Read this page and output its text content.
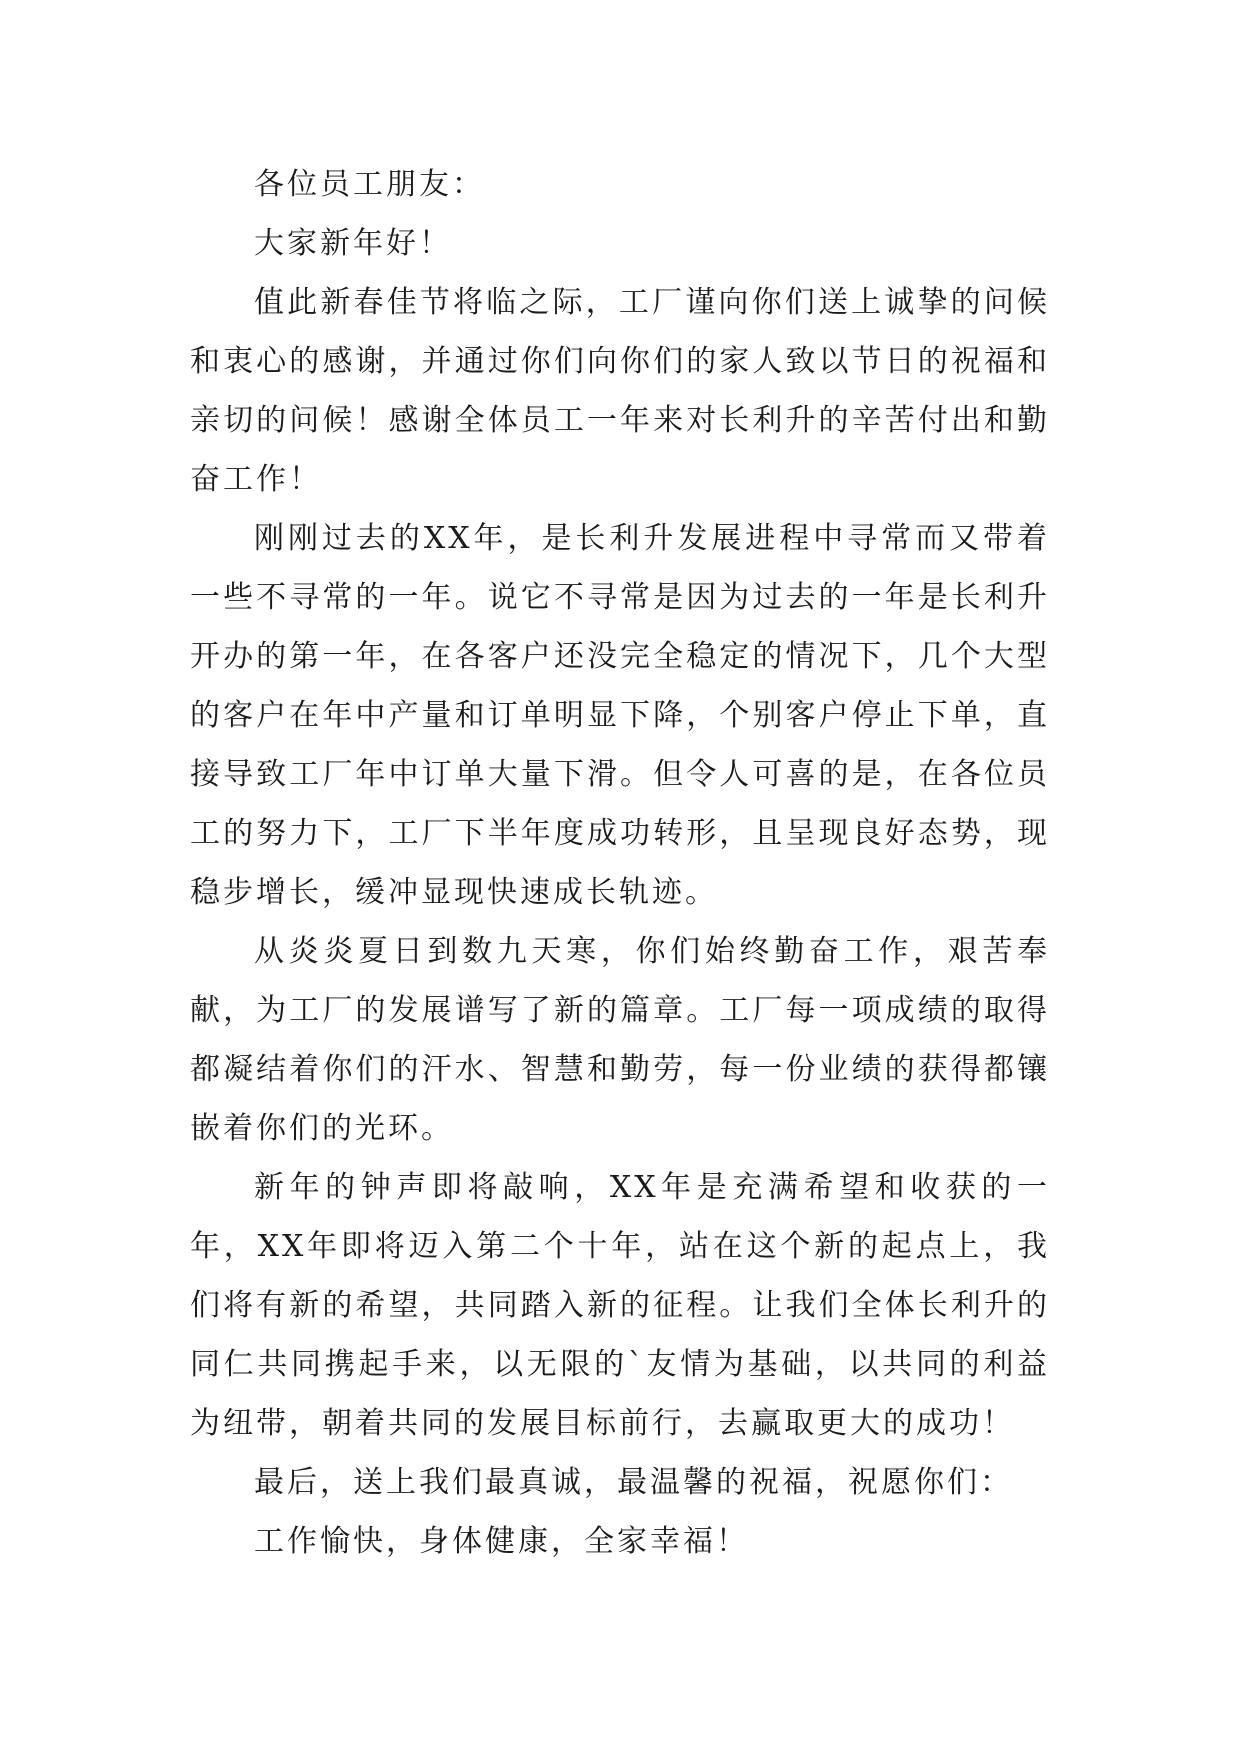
各位员工朋友：

大家新年好！

值此新春佳节将临之际，工厂谨向你们送上诚挚的问候和衷心的感谢，并通过你们向你们的家人致以节日的祝福和亲切的问候！感谢全体员工一年来对长利升的辛苦付出和勤奋工作！

刚刚过去的XX年，是长利升发展进程中寻常而又带着一些不寻常的一年。说它不寻常是因为过去的一年是长利升开办的第一年，在各客户还没完全稳定的情况下，几个大型的客户在年中产量和订单明显下降，个别客户停止下单，直接导致工厂年中订单大量下滑。但令人可喜的是，在各位员工的努力下，工厂下半年度成功转形，且呈现良好态势，现稳步增长，缓冲显现快速成长轨迹。

从炎炎夏日到数九天寒，你们始终勤奋工作，艰苦奉献，为工厂的发展谱写了新的篇章。工厂每一项成绩的取得都凝结着你们的汗水、智慧和勤劳，每一份业绩的获得都镶嵌着你们的光环。

新年的钟声即将敲响，XX年是充满希望和收获的一年，XX年即将迈入第二个十年，站在这个新的起点上，我们将有新的希望，共同踏入新的征程。让我们全体长利升的同仁共同携起手来，以无限的`友情为基础，以共同的利益为纽带，朝着共同的发展目标前行，去赢取更大的成功！

最后，送上我们最真诚，最温馨的祝福，祝愿你们：

工作愉快，身体健康，全家幸福！
